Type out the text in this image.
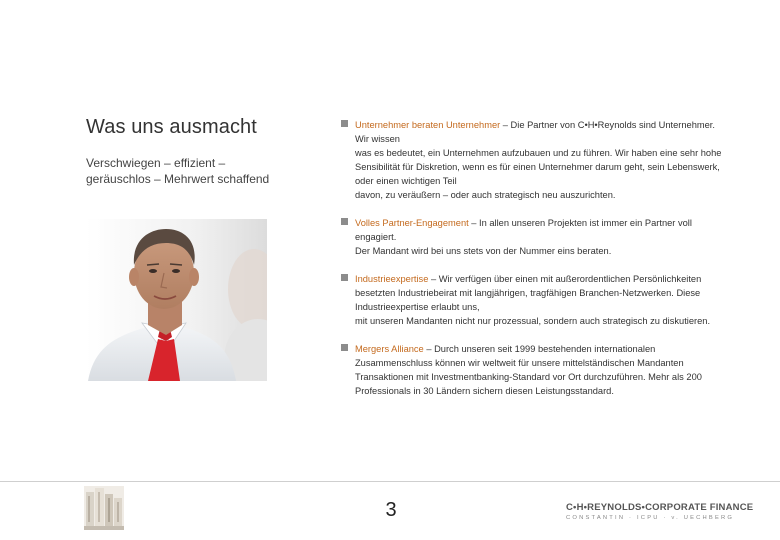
Was uns ausmacht
Verschwiegen – effizient –
geräuschlos – Mehrwert schaffend
Unternehmer beraten Unternehmer – Die Partner von C•H•Reynolds sind Unternehmer.
Wir wissen
was es bedeutet, ein Unternehmen aufzubauen und zu führen. Wir haben eine sehr hohe
Sensibilität für Diskretion, wenn es für einen Unternehmer darum geht, sein Lebenswerk,
oder einen wichtigen Teil
davon, zu veräußern – oder auch strategisch neu auszurichten.
Volles Partner-Engagement – In allen unseren Projekten ist immer ein Partner voll
engagiert.
Der Mandant wird bei uns stets von der Nummer eins beraten.
Industrieexpertise – Wir verfügen über einen mit außerordentlichen Persönlichkeiten
besetzten Industriebeirat mit langjährigen, tragfähigen Branchen-Netzwerken. Diese
Industrieexpertise erlaubt uns,
mit unseren Mandanten nicht nur prozessual, sondern auch strategisch zu diskutieren.
Mergers Alliance – Durch unseren seit 1999 bestehenden internationalen
Zusammenschluss können wir weltweit für unsere mittelständischen Mandanten
Transaktionen mit Investmentbanking-Standard vor Ort durchzuführen. Mehr als 200
Professionals in 30 Ländern sichern diesen Leistungsstandard.
3	C•H•REYNOLDS•CORPORATE FINANCE
CONSTANTIN · ICPU · v. UECHBERG
